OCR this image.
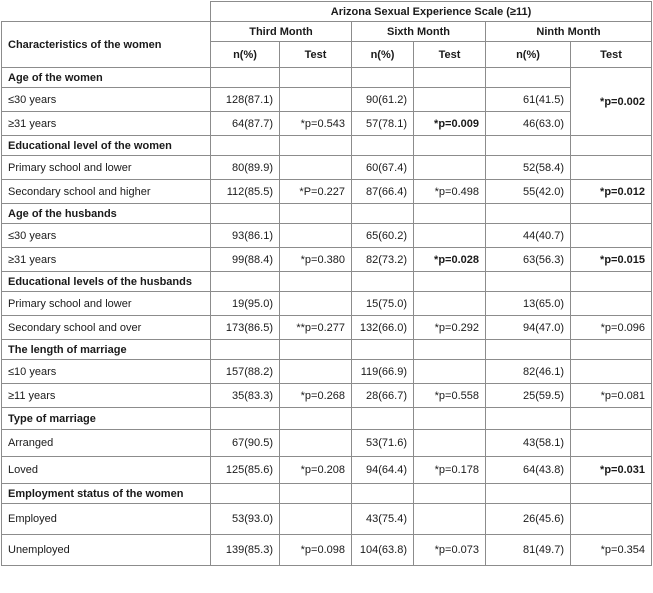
	Arizona Sexual Experience Scale (≥11)					
Characteristics of the women	Third Month		Sixth Month		Ninth Month	
	n(%)	Test	n(%)	Test	n(%)	Test
Age of the women						*p=0.002
≤30 years	128(87.1)		90(61.2)		61(41.5)	
≥31 years	64(87.7)	*p=0.543	57(78.1)	*p=0.009	46(63.0)	
Educational level of the women						
Primary school and lower	80(89.9)		60(67.4)		52(58.4)	
Secondary school and higher	112(85.5)	*P=0.227	87(66.4)	*p=0.498	55(42.0)	*p=0.012
Age of the husbands						
≤30 years	93(86.1)		65(60.2)		44(40.7)	
≥31 years	99(88.4)	*p=0.380	82(73.2)	*p=0.028	63(56.3)	*p=0.015
Educational levels of the husbands						
Primary school and lower	19(95.0)		15(75.0)		13(65.0)	
Secondary school and over	173(86.5)	**p=0.277	132(66.0)	*p=0.292	94(47.0)	*p=0.096
The length of marriage						
≤10 years	157(88.2)		119(66.9)		82(46.1)	
≥11 years	35(83.3)	*p=0.268	28(66.7)	*p=0.558	25(59.5)	*p=0.081
Type of marriage						
Arranged	67(90.5)		53(71.6)		43(58.1)	
Loved	125(85.6)	*p=0.208	94(64.4)	*p=0.178	64(43.8)	*p=0.031
Employment status of the women						
Employed	53(93.0)		43(75.4)		26(45.6)	
Unemployed	139(85.3)	*p=0.098	104(63.8)	*p=0.073	81(49.7)	*p=0.354
